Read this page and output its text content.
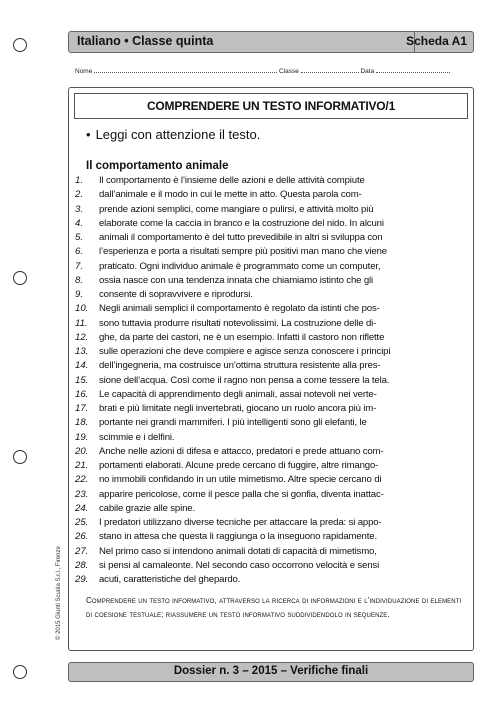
Italiano • Classe quinta	Scheda A1
Nome	Classe	Data
COMPRENDERE UN TESTO INFORMATIVO/1
• Leggi con attenzione il testo.
Il comportamento animale
1.	Il comportamento è l’insieme delle azioni e delle attività compiute
2.	dall’animale e il modo in cui le mette in atto. Questa parola com-
3.	prende azioni semplici, come mangiare o pulirsi, e attività molto più
4.	elaborate come la caccia in branco e la costruzione del nido. In alcuni
5.	animali il comportamento è del tutto prevedibile in altri si sviluppa con
6.	l’esperienza e porta a risultati sempre più positivi man mano che viene
7.	praticato. Ogni individuo animale è programmato come un computer,
8.	ossia nasce con una tendenza innata che chiamiamo istinto che gli
9.	consente di sopravvivere e riprodursi.
10.	Negli animali semplici il comportamento è regolato da istinti che pos-
11.	sono tuttavia produrre risultati notevolissimi. La costruzione delle di-
12.	ghe, da parte dei castori, ne è un esempio. Infatti il castoro non riflette
13.	sulle operazioni che deve compiere e agisce senza conoscere i principi
14.	dell’ingegneria, ma costruisce un’ottima struttura resistente alla pres-
15.	sione dell’acqua. Così come il ragno non pensa a come tessere la tela.
16.	Le capacità di apprendimento degli animali, assai notevoli nei verte-
17.	brati e più limitate negli invertebrati, giocano un ruolo ancora più im-
18.	portante nei grandi mammiferi. I più intelligenti sono gli elefanti, le
19.	scimmie e i delfini.
20.	Anche nelle azioni di difesa e attacco, predatori e prede attuano com-
21.	portamenti elaborati. Alcune prede cercano di fuggire, altre rimango-
22.	no immobili confidando in un utile mimetismo. Altre specie cercano di
23.	apparire pericolose, come il pesce palla che si gonfia, diventa inattac-
24.	cabile grazie alle spine.
25.	I predatori utilizzano diverse tecniche per attaccare la preda: si appo-
26.	stano in attesa che questa li raggiunga o la inseguono rapidamente.
27.	Nel primo caso si intendono animali dotati di capacità di mimetismo,
28.	si pensi al camaleonte. Nel secondo caso occorrono velocità e sensi
29.	acuti, caratteristiche del ghepardo.
Comprendere un testo informativo, attraverso la ricerca di informazioni e l’individuazione di elementi di coesione testuale; riassumere un testo informativo suddividendolo in sequenze.
© 2015 Giunti Scuola S.r.l., Firenze
Dossier n. 3 – 2015 – Verifiche finali
